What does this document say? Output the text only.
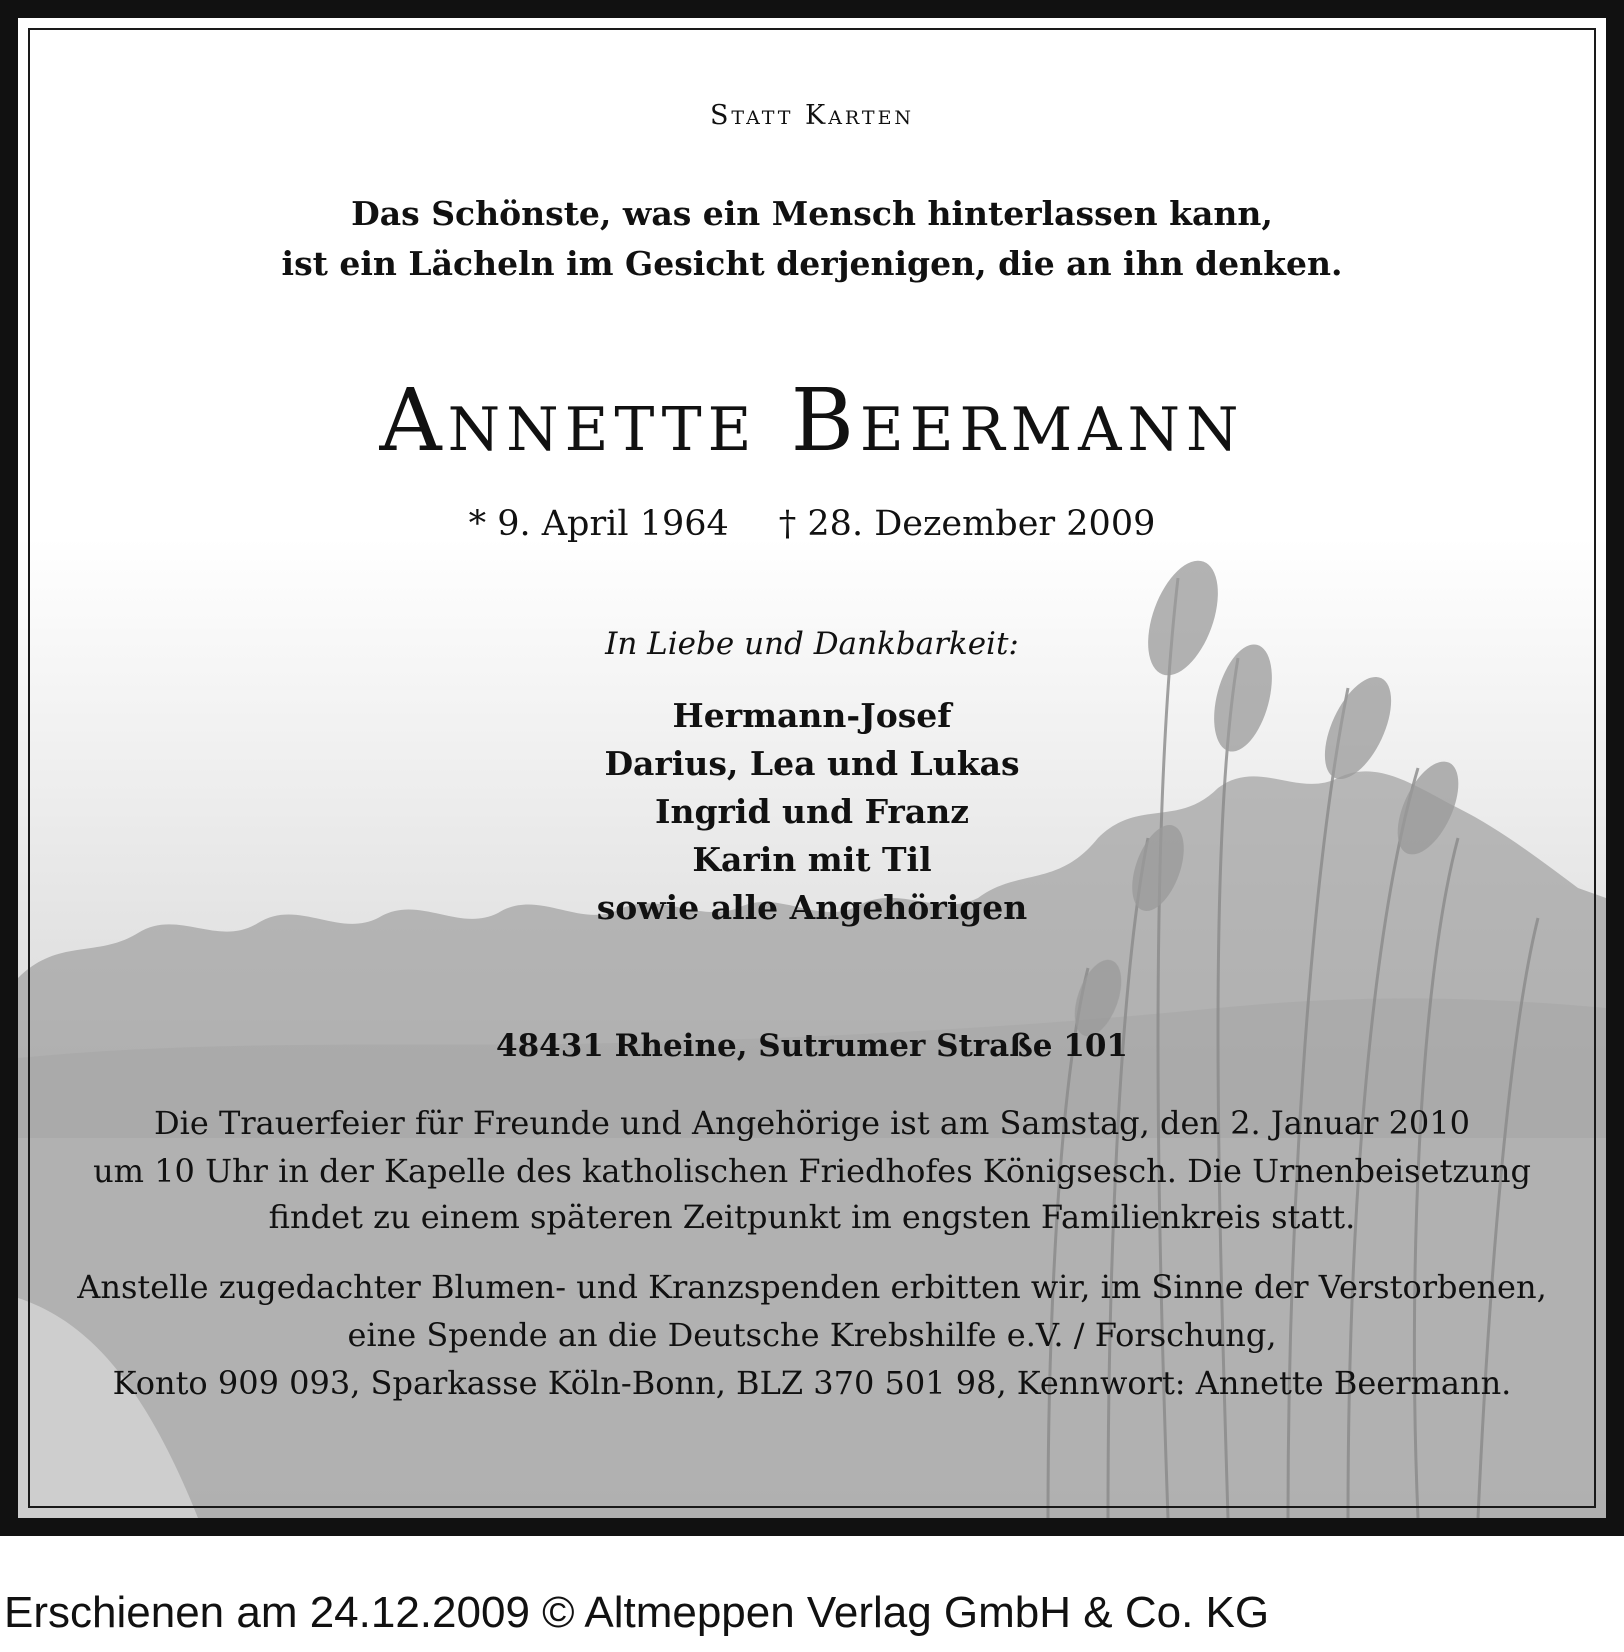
Statt Karten
Das Schönste, was ein Mensch hinterlassen kann,
ist ein Lächeln im Gesicht derjenigen, die an ihn denken.
Annette Beermann
* 9. April 1964 † 28. Dezember 2009
In Liebe und Dankbarkeit:
Hermann-Josef
Darius, Lea und Lukas
Ingrid und Franz
Karin mit Til
sowie alle Angehörigen
48431 Rheine, Sutrumer Straße 101
Die Trauerfeier für Freunde und Angehörige ist am Samstag, den 2. Januar 2010
um 10 Uhr in der Kapelle des katholischen Friedhofes Königsesch. Die Urnenbeisetzung
findet zu einem späteren Zeitpunkt im engsten Familienkreis statt.
Anstelle zugedachter Blumen- und Kranzspenden erbitten wir, im Sinne der Verstorbenen,
eine Spende an die Deutsche Krebshilfe e.V. / Forschung,
Konto 909 093, Sparkasse Köln-Bonn, BLZ 370 501 98, Kennwort: Annette Beermann.
Erschienen am 24.12.2009 © Altmeppen Verlag GmbH & Co. KG
